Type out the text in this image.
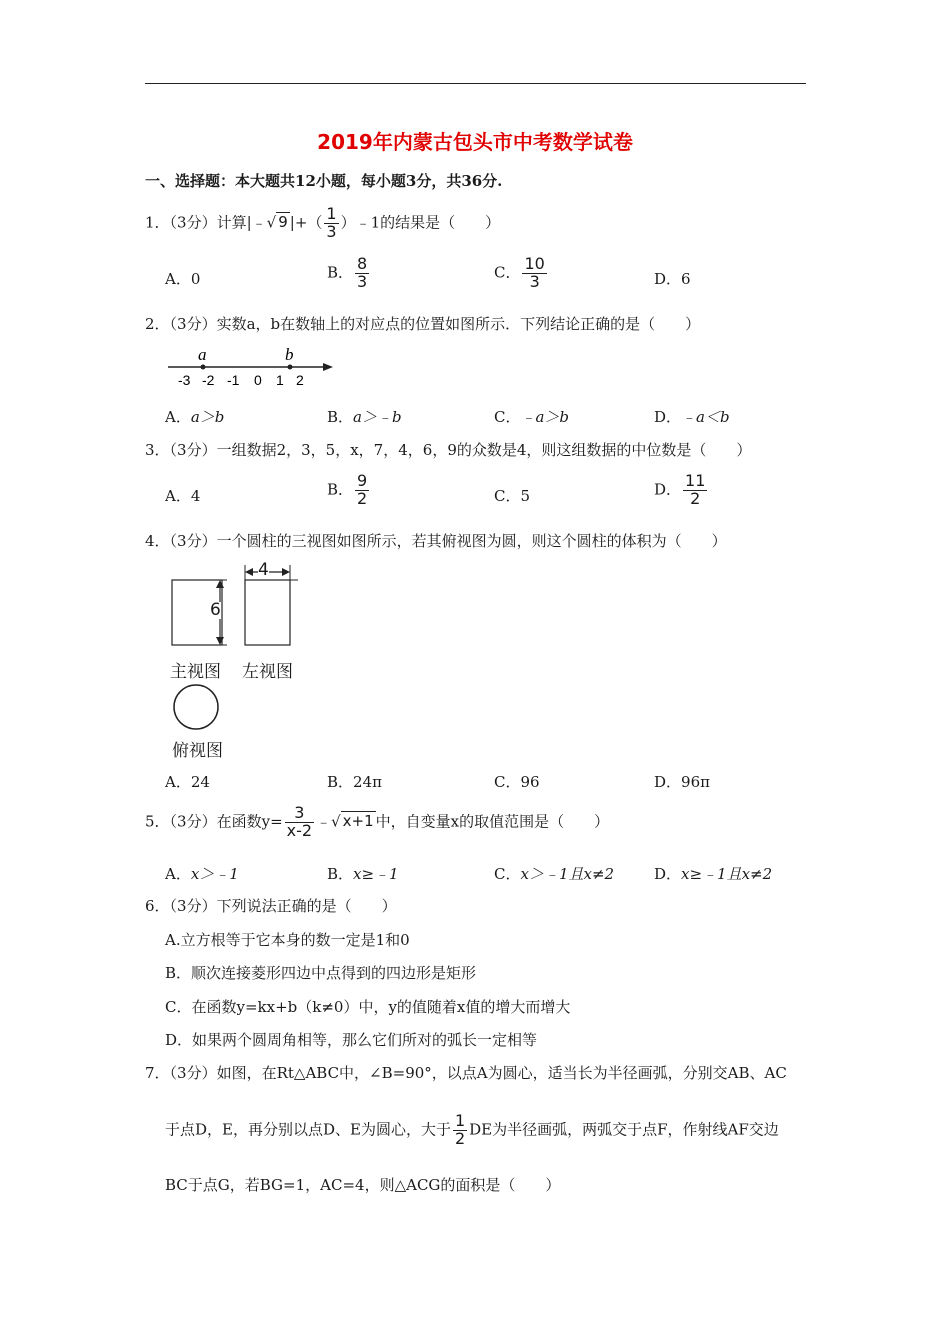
2019年内蒙古包头市中考数学试卷
一、选择题：本大题共12小题，每小题3分，共36分.
1．（3分）计算|﹣√ 9 |+（ $\frac{1}{3}$ ）﹣1的结果是（　　）
A．0	B． $\frac{8}{3}$	C． $\frac{10}{3}$	D．6
2．（3分）实数a，b在数轴上的对应点的位置如图所示．下列结论正确的是（　　）
a	b
-3 -2 -1 0 1 2
A．a＞b	B．a＞﹣b	C．﹣a＞b	D．﹣a＜b
3．（3分）一组数据2，3，5，x，7，4，6，9的众数是4，则这组数据的中位数是（　　）
A．4	B． $\frac{9}{2}$	C．5	D． $\frac{11}{2}$
4．（3分）一个圆柱的三视图如图所示，若其俯视图为圆，则这个圆柱的体积为（　　）
6
4
主视图 左视图
俯视图
A．24	B．24π	C．96	D．96π
5．（3分）在函数$y= \frac{3}{x-2}$ ﹣√ x+1 中，自变量x的取值范围是（　　）
A．x＞﹣1	B．x≥﹣1	C．x＞﹣1且x≠2	D．x≥﹣1且x≠2
6．（3分）下列说法正确的是（　　）
A.立方根等于它本身的数一定是1和0
B．顺次连接菱形四边中点得到的四边形是矩形
C．在函数y=kx+b（k≠0）中，y的值随着x值的增大而增大
D．如果两个圆周角相等，那么它们所对的弧长一定相等
7．（3分）如图，在Rt△ABC中，∠B=90°，以点A为圆心，适当长为半径画弧，分别交AB、AC
于点D，E，再分别以点D、E为圆心，大于 $\frac{1}{2}$ DE为半径画弧，两弧交于点F，作射线AF交边
BC于点G，若BG=1，AC=4，则△ACG的面积是（　　）
